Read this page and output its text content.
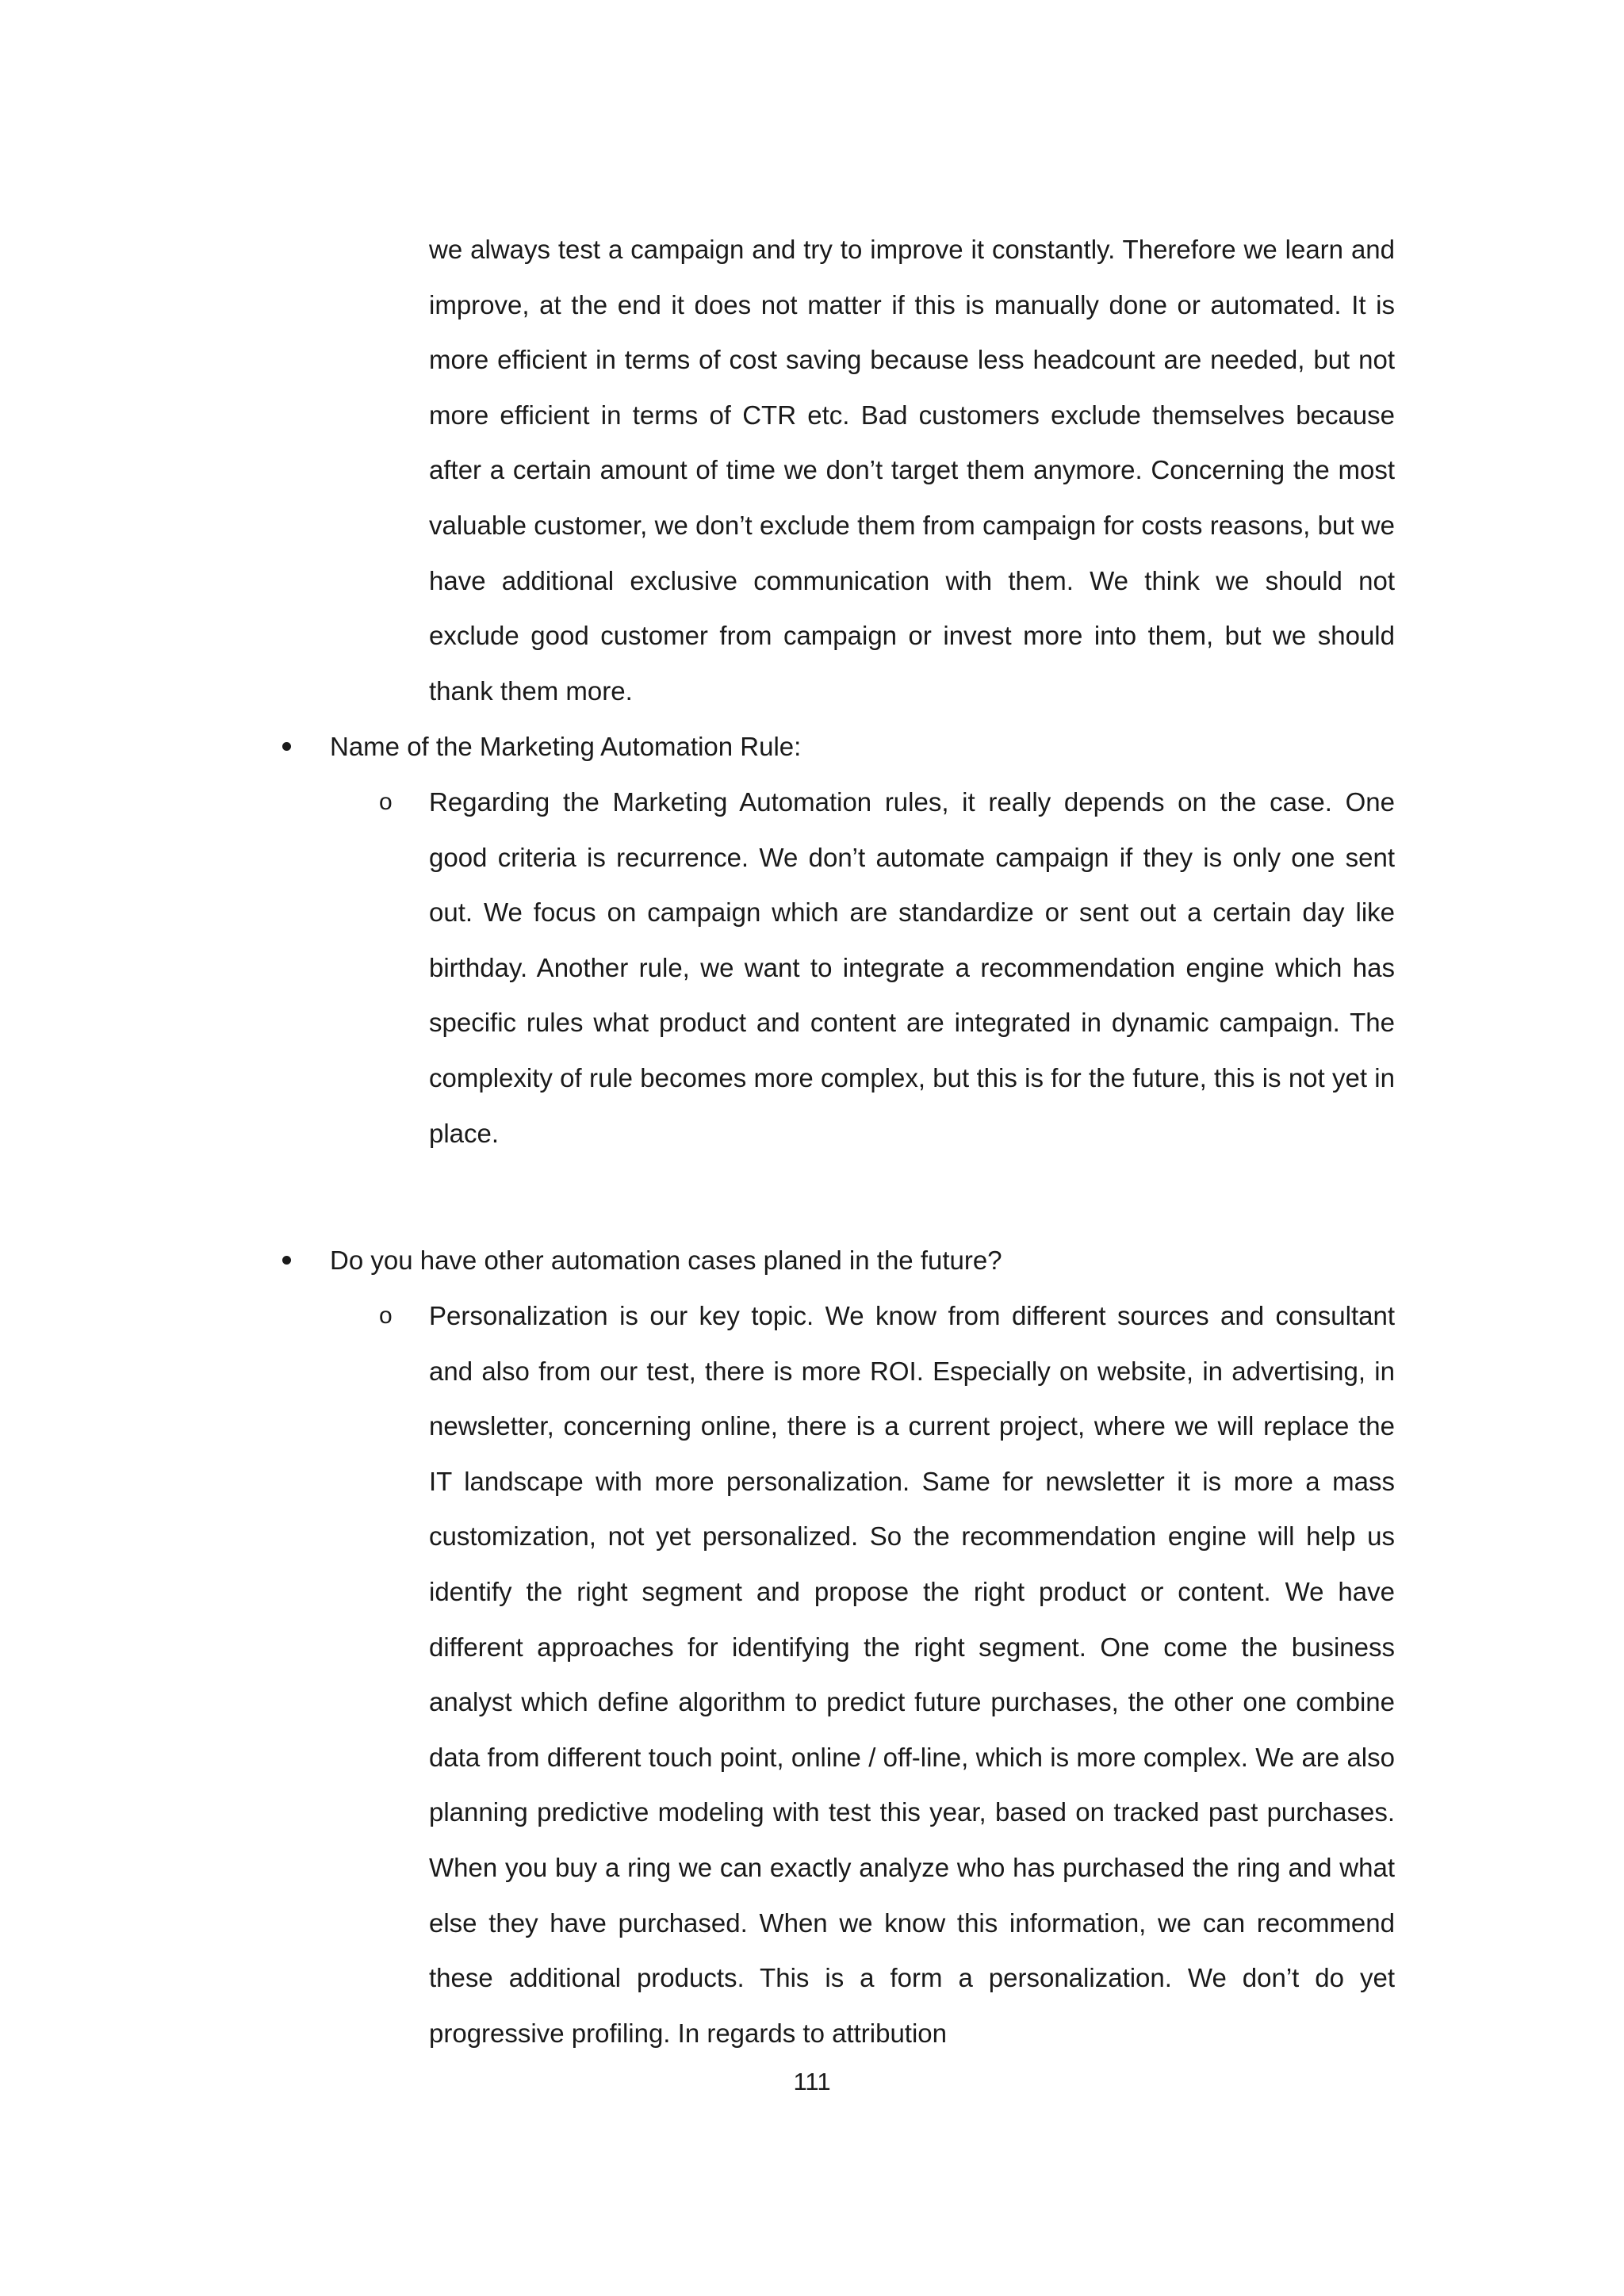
we always test a campaign and try to improve it constantly. Therefore we learn and improve, at the end it does not matter if this is manually done or automated. It is more efficient in terms of cost saving because less headcount are needed, but not more efficient in terms of CTR etc. Bad customers exclude themselves because after a certain amount of time we don’t target them anymore. Concerning the most valuable customer, we don’t exclude them from campaign for costs reasons, but we have additional exclusive communication with them. We think we should not exclude good customer from campaign or invest more into them, but we should thank them more.

Name of the Marketing Automation Rule:

o Regarding the Marketing Automation rules, it really depends on the case. One good criteria is recurrence. We don’t automate campaign if they is only one sent out. We focus on campaign which are standardize or sent out a certain day like birthday. Another rule, we want to integrate a recommendation engine which has specific rules what product and content are integrated in dynamic campaign. The complexity of rule becomes more complex, but this is for the future, this is not yet in place.

Do you have other automation cases planed in the future?

o Personalization is our key topic. We know from different sources and consultant and also from our test, there is more ROI. Especially on website, in advertising, in newsletter, concerning online, there is a current project, where we will replace the IT landscape with more personalization. Same for newsletter it is more a mass customization, not yet personalized. So the recommendation engine will help us identify the right segment and propose the right product or content. We have different approaches for identifying the right segment. One come the business analyst which define algorithm to predict future purchases, the other one combine data from different touch point, online / off-line, which is more complex. We are also planning predictive modeling with test this year, based on tracked past purchases. When you buy a ring we can exactly analyze who has purchased the ring and what else they have purchased. When we know this information, we can recommend these additional products. This is a form a personalization. We don’t do yet progressive profiling. In regards to attribution

111
